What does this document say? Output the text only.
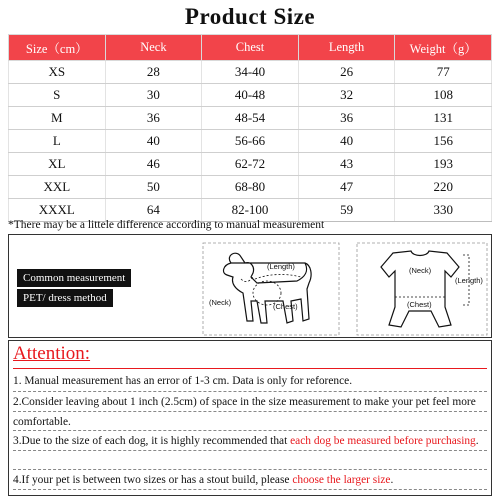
Product Size
Size（cm）	Neck	Chest	Length	Weight（g）
XS	28	34-40	26	77
S	30	40-48	32	108
M	36	48-54	36	131
L	40	56-66	40	156
XL	46	62-72	43	193
XXL	50	68-80	47	220
XXXL	64	82-100	59	330
*There may be a littele difference according to manual measurement
Common measurement
PET/ dress method
(Length)
(Neck)	(Chest)
(Neck)
(Length)
(Chest)
Attention:
1. Manual measurement has an error of 1-3 cm. Data is only for reforence.
2.Consider leaving about 1 inch (2.5cm) of space in the size measurement to make your pet feel more comfortable.
3.Due to the size of each dog, it is highly recommended that each dog be measured before purchasing.
4.If your pet is between two sizes or has a stout build, please choose the larger size.
